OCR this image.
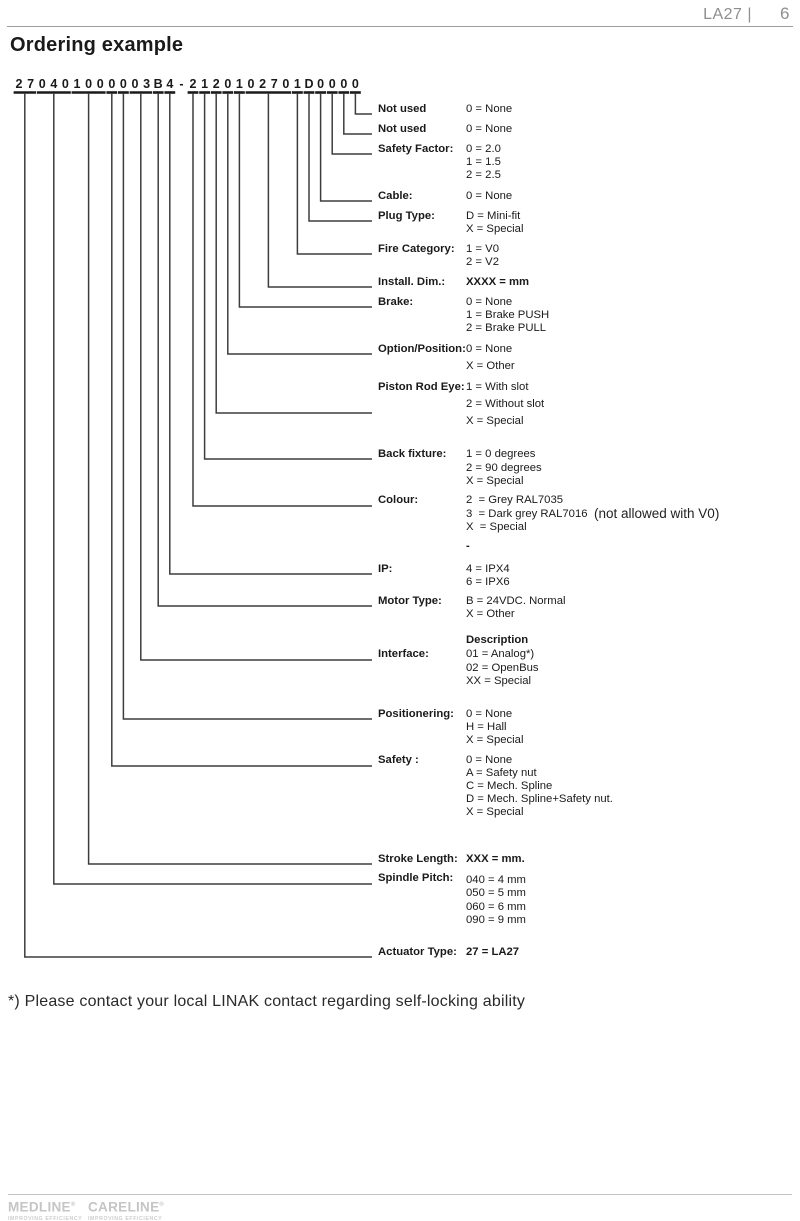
LA27 | 6
Ordering example
2 7 0 4 0 1 0 0 0 0 0 3 B 4 - 2 1 2 0 1 0 2 7 0 1 D 0 0 0 0
Not used	0 = None
Not used	0 = None
Safety Factor: 0 = 2.0
1 = 1.5
2 = 2.5
Cable:	0 = None
Plug Type:	D = Mini-fit
X = Special
Fire Category: 1 = V0
2 = V2
Install. Dim.: XXXX = mm
Brake:	0 = None
1 = Brake PUSH
2 = Brake PULL
Option/Position: 0 = None
X = Other
Piston Rod Eye: 1 = With slot
2 = Without slot
X = Special
Back fixture: 1 = 0 degrees
2 = 90 degrees
X = Special
Colour:	2  = Grey RAL7035
3  = Dark grey RAL7016
X  = Special
(not allowed with V0)
IP:	4 = IPX4
6 = IPX6
Motor Type: B = 24VDC. Normal
X = Other
Interface:
Description
01 = Analog*)
02 = OpenBus
XX = Special
Positionering: 0 = None
H = Hall
X = Special
Safety :	0 = None
A = Safety nut
C = Mech. Spline
D = Mech. Spline+Safety nut.
X = Special
Stroke Length: XXX = mm.
Spindle Pitch: 040 = 4 mm
050 = 5 mm
060 = 6 mm
090 = 9 mm
Actuator Type: 27 = LA27
-
*) Please contact your local LINAK contact regarding self-locking ability
MEDLINE®
IMPROVING EFFICIENCY
CARELINE®
IMPROVING EFFICIENCY
